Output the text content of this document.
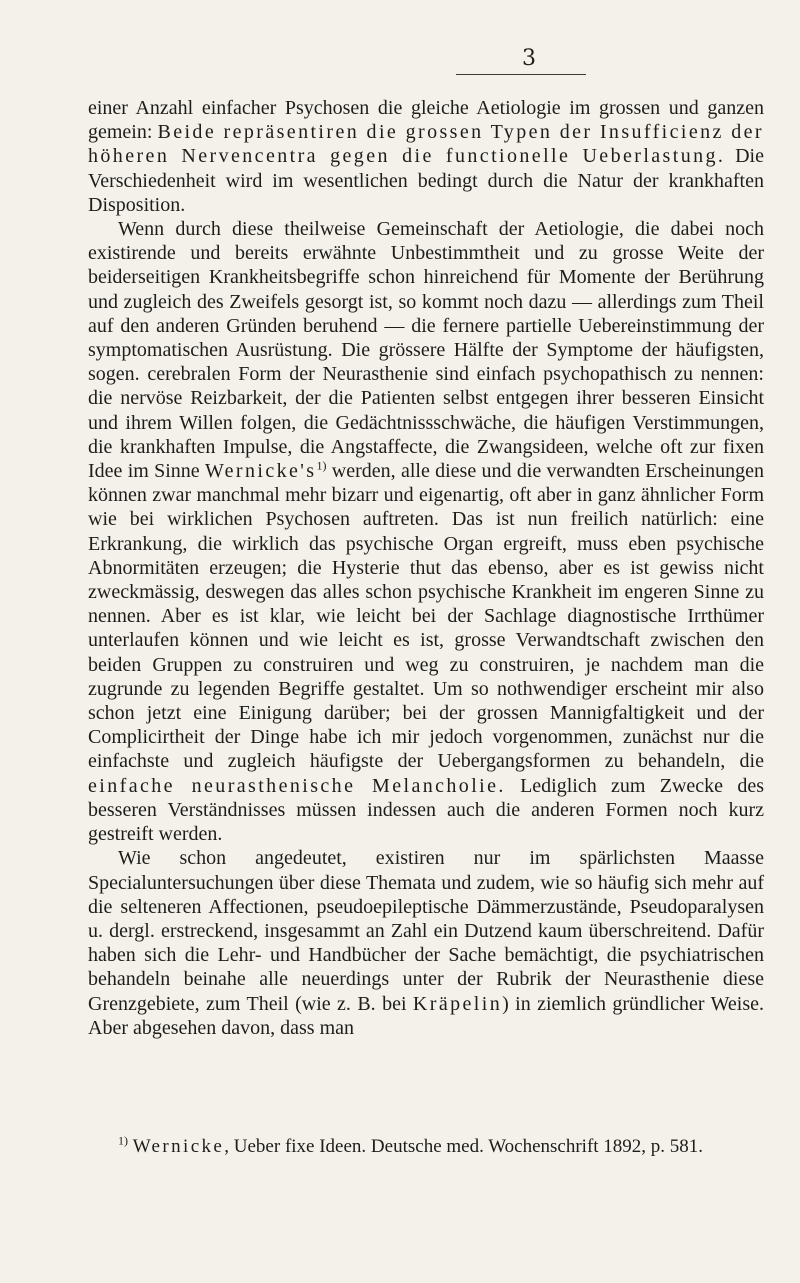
3

einer Anzahl einfacher Psychosen die gleiche Aetiologie im grossen und ganzen gemein: Beide repräsentiren die grossen Typen der Insufficienz der höheren Nervencentra gegen die functionelle Ueberlastung. Die Verschiedenheit wird im wesentlichen bedingt durch die Natur der krankhaften Disposition.

Wenn durch diese theilweise Gemeinschaft der Aetiologie, die dabei noch existirende und bereits erwähnte Unbestimmtheit und zu grosse Weite der beiderseitigen Krankheitsbegriffe schon hinreichend für Momente der Berührung und zugleich des Zweifels gesorgt ist, so kommt noch dazu — allerdings zum Theil auf den anderen Gründen beruhend — die fernere partielle Uebereinstimmung der symptomatischen Ausrüstung. Die grössere Hälfte der Symptome der häufigsten, sogen. cerebralen Form der Neurasthenie sind einfach psychopathisch zu nennen: die nervöse Reizbarkeit, der die Patienten selbst entgegen ihrer besseren Einsicht und ihrem Willen folgen, die Gedächtnissschwäche, die häufigen Verstimmungen, die krankhaften Impulse, die Angstaffecte, die Zwangsideen, welche oft zur fixen Idee im Sinne $Wernicke's^{1)}$ werden, alle diese und die verwandten Erscheinungen können zwar manchmal mehr bizarr und eigenartig, oft aber in ganz ähnlicher Form wie bei wirklichen Psychosen auftreten. Das ist nun freilich natürlich: eine Erkrankung, die wirklich das psychische Organ ergreift, muss eben psychische Abnormitäten erzeugen; die Hysterie thut das ebenso, aber es ist gewiss nicht zweckmässig, deswegen das alles schon psychische Krankheit im engeren Sinne zu nennen. Aber es ist klar, wie leicht bei der Sachlage diagnostische Irrthümer unterlaufen können und wie leicht es ist, grosse Verwandtschaft zwischen den beiden Gruppen zu construiren und weg zu construiren, je nachdem man die zugrunde zu legenden Begriffe gestaltet. Um so nothwendiger erscheint mir also schon jetzt eine Einigung darüber; bei der grossen Mannigfaltigkeit und der Complicirtheit der Dinge habe ich mir jedoch vorgenommen, zunächst nur die einfachste und zugleich häufigste der Uebergangsformen zu behandeln, die einfache neurasthenische Melancholie. Lediglich zum Zwecke des besseren Verständnisses müssen indessen auch die anderen Formen noch kurz gestreift werden.

Wie schon angedeutet, existiren nur im spärlichsten Maasse Specialuntersuchungen über diese Themata und zudem, wie so häufig sich mehr auf die selteneren Affectionen, pseudoepileptische Dämmerzustände, Pseudoparalysen u. dergl. erstreckend, insgesammt an Zahl ein Dutzend kaum überschreitend. Dafür haben sich die Lehr- und Handbücher der Sache bemächtigt, die psychiatrischen behandeln beinahe alle neuerdings unter der Rubrik der Neurasthenie diese Grenzgebiete, zum Theil (wie z. B. bei Kräpelin) in ziemlich gründlicher Weise. Aber abgesehen davon, dass man

$^{1)}$ Wernicke, Ueber fixe Ideen. Deutsche med. Wochenschrift 1892, p. 581.
